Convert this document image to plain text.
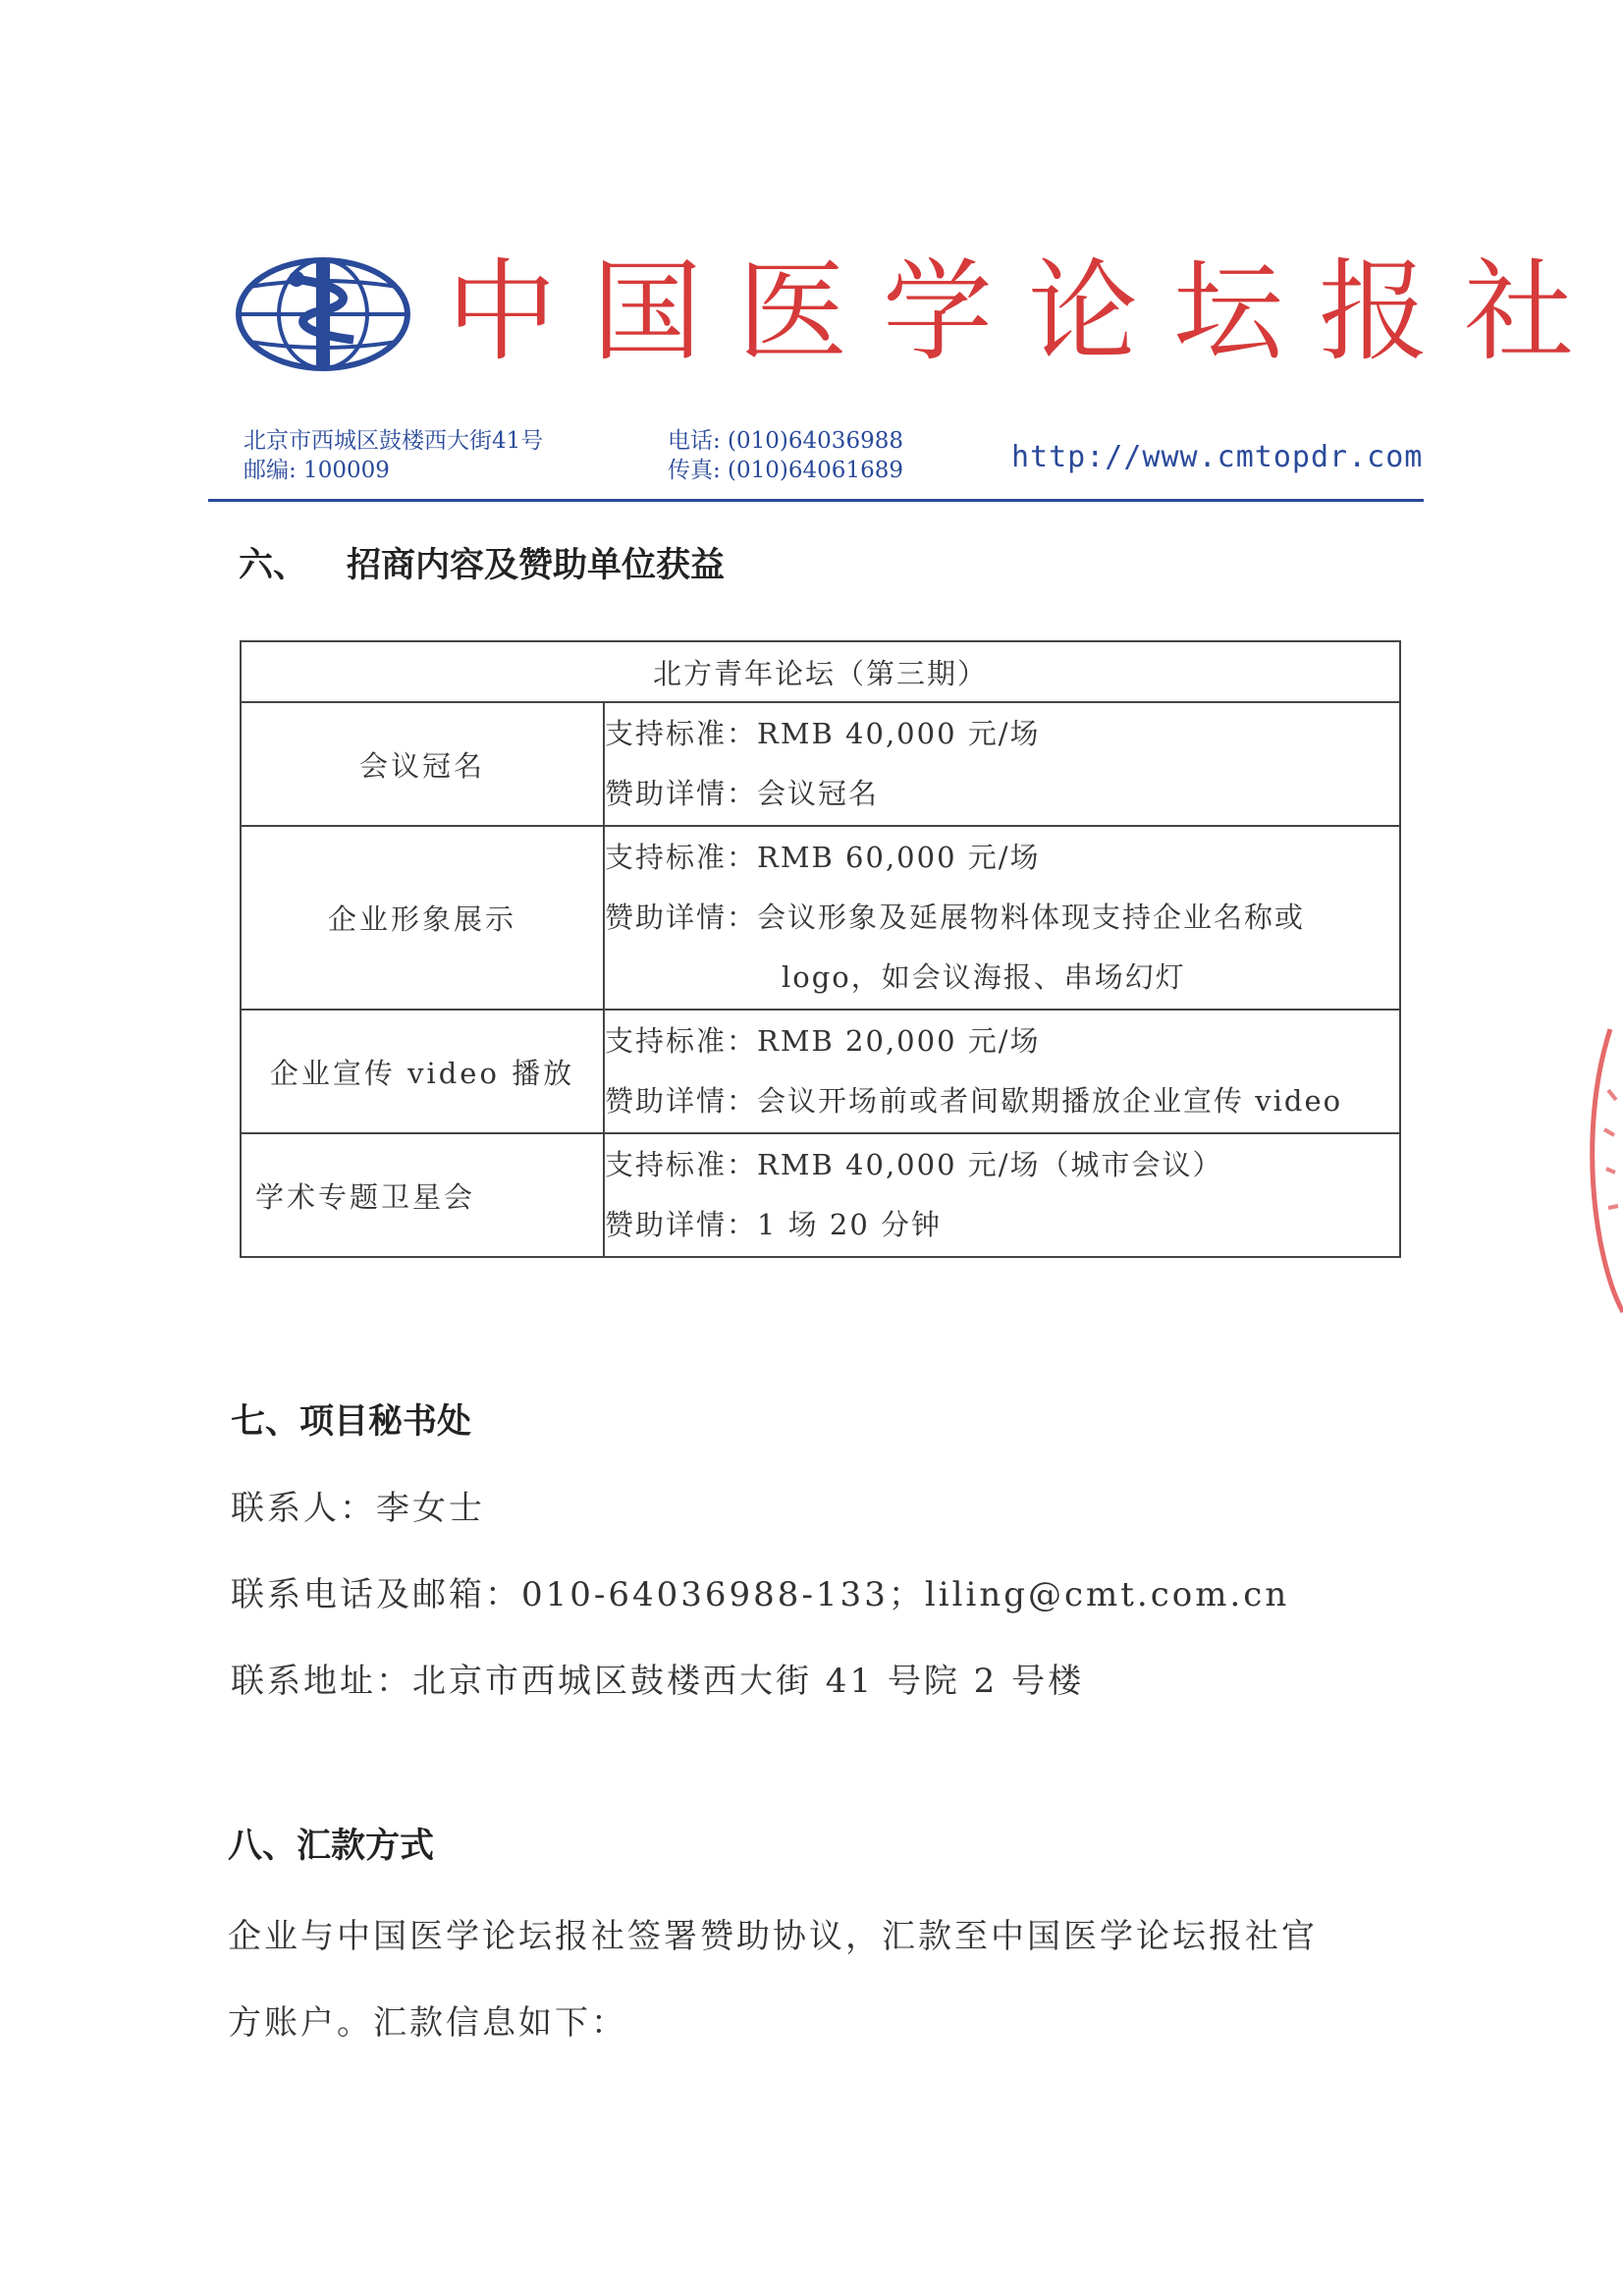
中国医学论坛报社
北京市西城区鼓楼西大街41号
邮编: 100009
电话: (010)64036988
传真: (010)64061689	http://www.cmtopdr.com
六、 招商内容及赞助单位获益
北方青年论坛（第三期）	
会议冠名	支持标准：RMB 40,000 元/场
赞助详情：会议冠名

企业形象展示	支持标准：RMB 60,000 元/场
赞助详情：会议形象及延展物料体现支持企业名称或
logo，如会议海报、串场幻灯

企业宣传 video 播放	支持标准：RMB 20,000 元/场
赞助详情：会议开场前或者间歇期播放企业宣传 video

学术专题卫星会	支持标准：RMB 40,000 元/场（城市会议）
赞助详情：1 场 20 分钟
七、项目秘书处
联系人：李女士
联系电话及邮箱：010-64036988-133；liling@cmt.com.cn
联系地址：北京市西城区鼓楼西大街 41 号院 2 号楼
八、汇款方式
企业与中国医学论坛报社签署赞助协议，汇款至中国医学论坛报社官
方账户。汇款信息如下：
